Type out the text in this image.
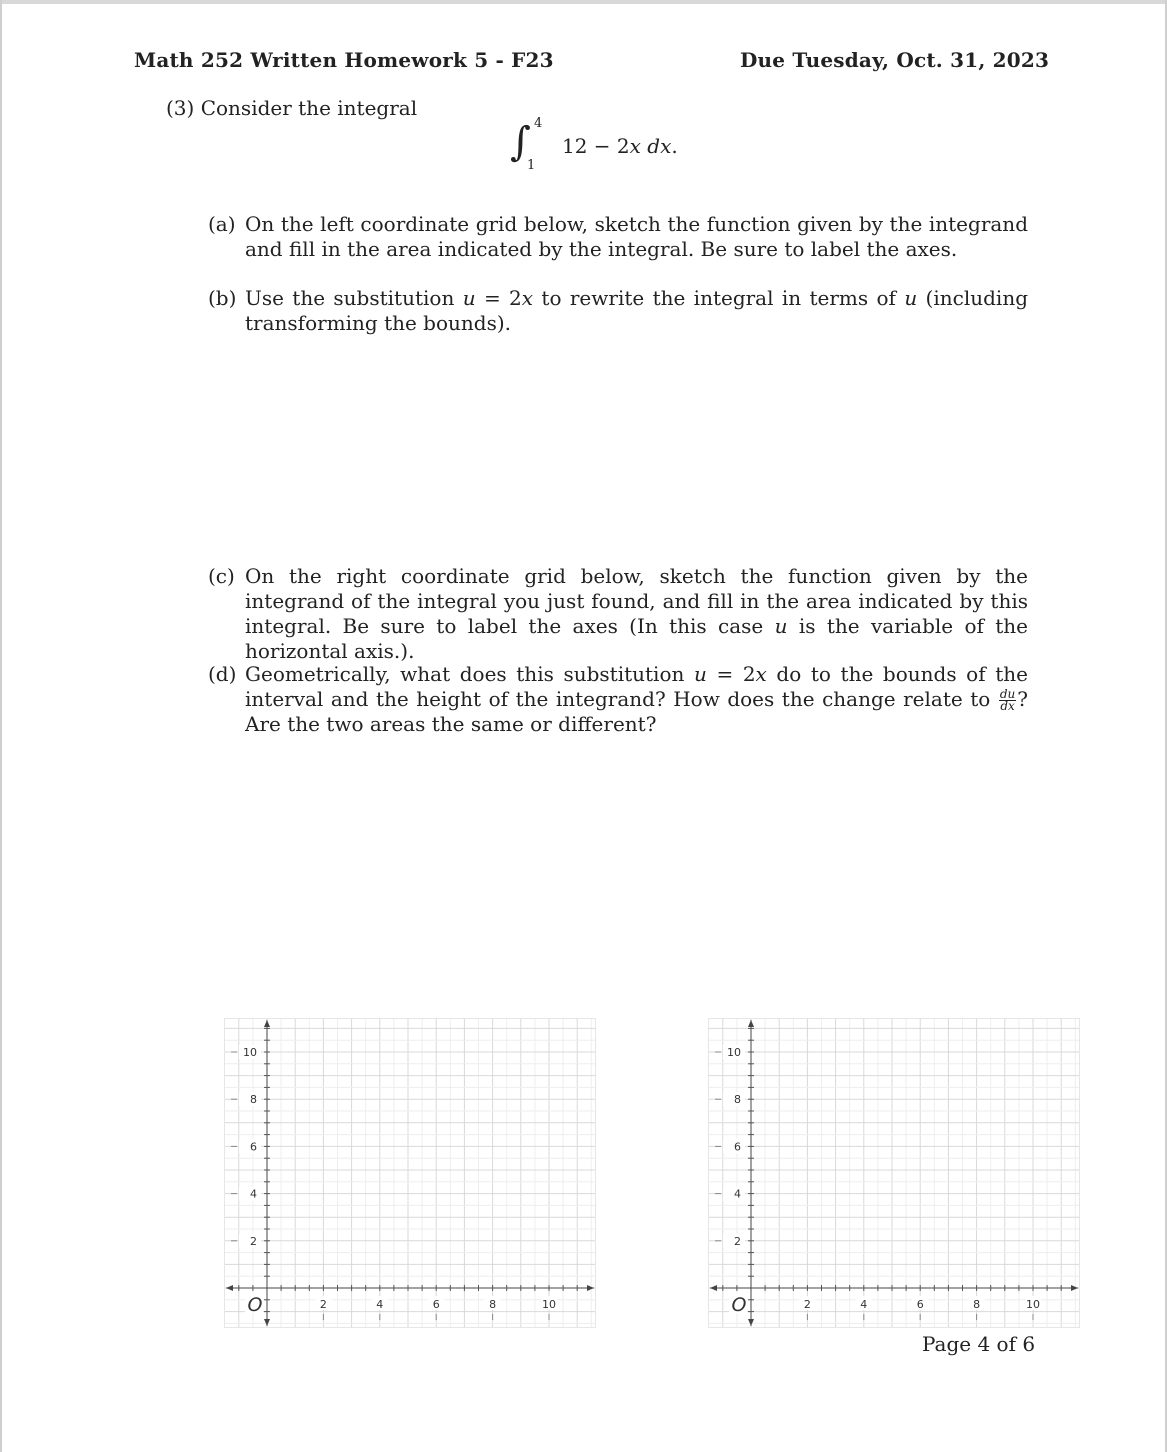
Math 252 Written Homework 5 - F23	Due Tuesday, Oct. 31, 2023
(3) Consider the integral
∫ 4
1
12 − 2x dx.
(a) On the left coordinate grid below, sketch the function given by the integrand and fill in the area indicated by the integral. Be sure to label the axes.
(b) Use the substitution u = 2x to rewrite the integral in terms of u (including transforming the bounds).
(c) On the right coordinate grid below, sketch the function given by the integrand of the integral you just found, and fill in the area indicated by this integral. Be sure to label the axes (In this case u is the variable of the horizontal axis.).
(d) Geometrically, what does this substitution u = 2x do to the bounds of the interval and the height of the integrand? How does the change relate to $\frac{du}{dx}$ ? Are the two areas the same or different?
2	4	6	8	10
2
4
6
8
10
O	2	4	6	8	10
2
4
6
8
10
O
Page 4 of 6
